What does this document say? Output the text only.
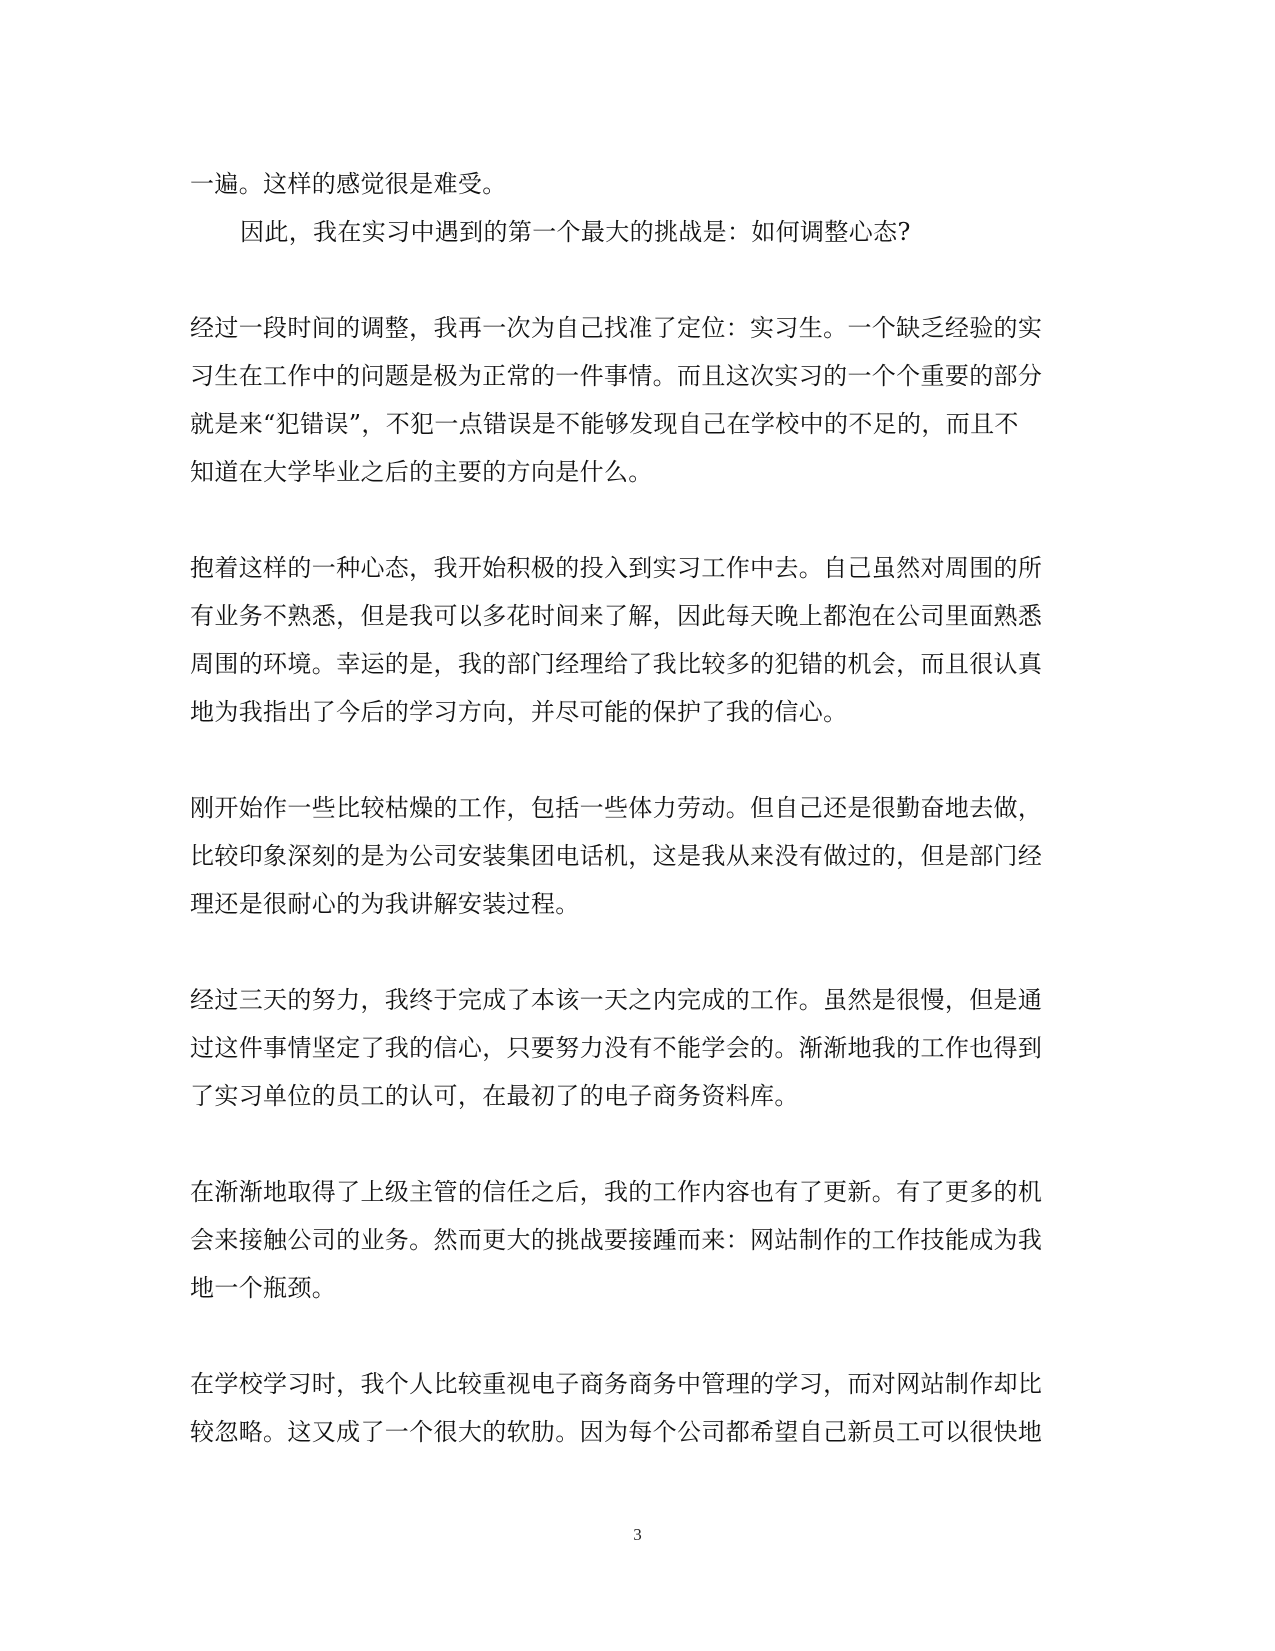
一遍。这样的感觉很是难受。
因此，我在实习中遇到的第一个最大的挑战是：如何调整心态?
经过一段时间的调整，我再一次为自己找准了定位：实习生。一个缺乏经验的实
习生在工作中的问题是极为正常的一件事情。而且这次实习的一个个重要的部分
就是来“犯错误”，不犯一点错误是不能够发现自己在学校中的不足的，而且不
知道在大学毕业之后的主要的方向是什么。
抱着这样的一种心态，我开始积极的投入到实习工作中去。自己虽然对周围的所
有业务不熟悉，但是我可以多花时间来了解，因此每天晚上都泡在公司里面熟悉
周围的环境。幸运的是，我的部门经理给了我比较多的犯错的机会，而且很认真
地为我指出了今后的学习方向，并尽可能的保护了我的信心。
刚开始作一些比较枯燥的工作，包括一些体力劳动。但自己还是很勤奋地去做，
比较印象深刻的是为公司安装集团电话机，这是我从来没有做过的，但是部门经
理还是很耐心的为我讲解安装过程。
经过三天的努力，我终于完成了本该一天之内完成的工作。虽然是很慢，但是通
过这件事情坚定了我的信心，只要努力没有不能学会的。渐渐地我的工作也得到
了实习单位的员工的认可，在最初了的电子商务资料库。
在渐渐地取得了上级主管的信任之后，我的工作内容也有了更新。有了更多的机
会来接触公司的业务。然而更大的挑战要接踵而来：网站制作的工作技能成为我
地一个瓶颈。
在学校学习时，我个人比较重视电子商务商务中管理的学习，而对网站制作却比
较忽略。这又成了一个很大的软肋。因为每个公司都希望自己新员工可以很快地
3
